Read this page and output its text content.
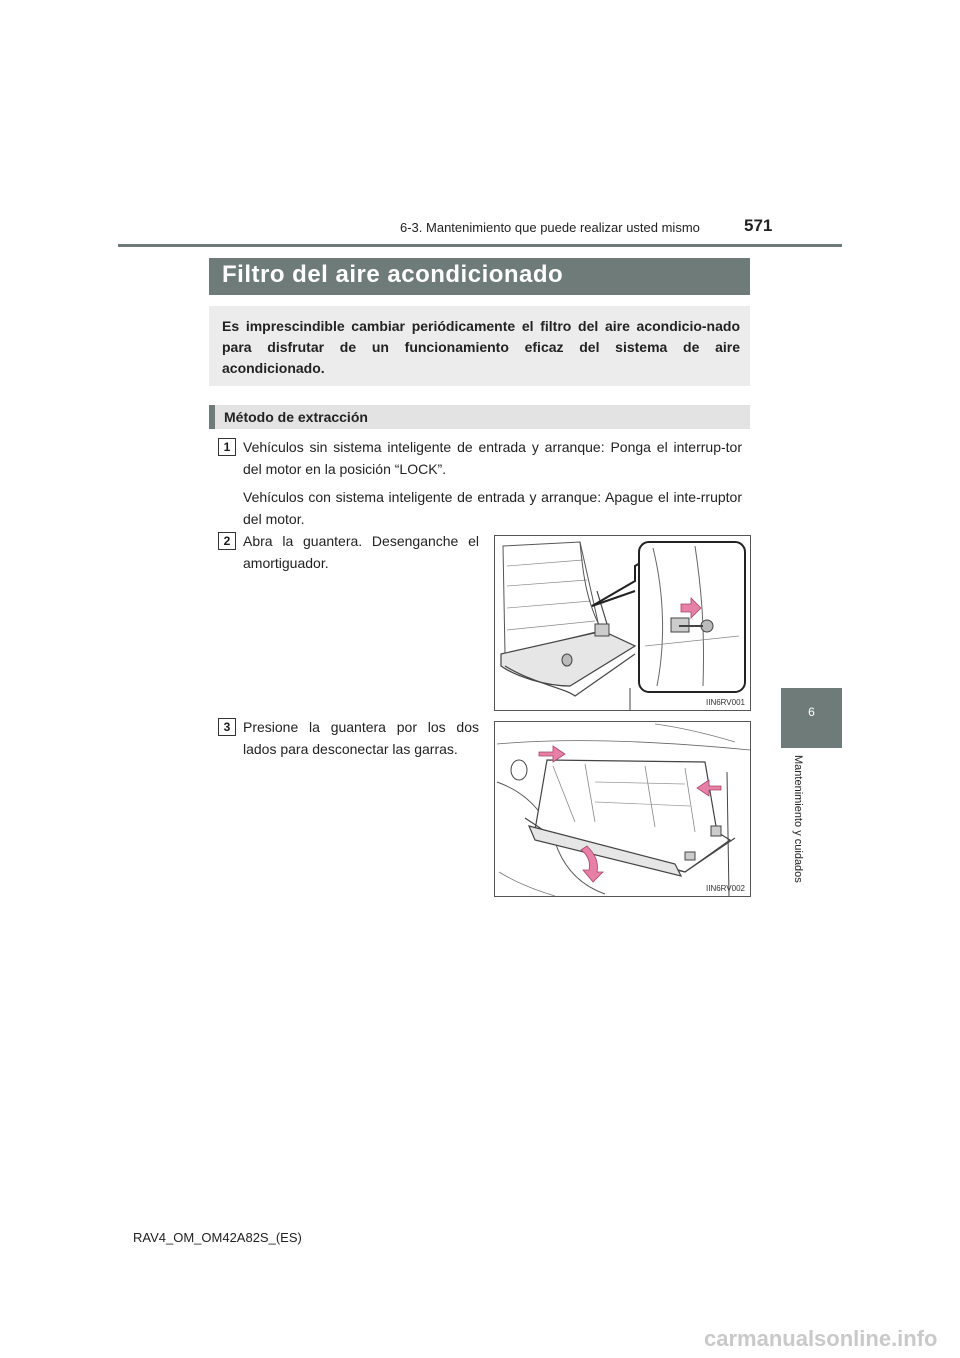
6-3. Mantenimiento que puede realizar usted mismo	571
6
Mantenimiento y cuidados
Filtro del aire acondicionado
Es imprescindible cambiar periódicamente el filtro del aire acondicio-nado para disfrutar de un funcionamiento eficaz del sistema de aire acondicionado.
Método de extracción
1 Vehículos sin sistema inteligente de entrada y arranque: Ponga el interrup-tor del motor en la posición “LOCK”.
Vehículos con sistema inteligente de entrada y arranque: Apague el inte-rruptor del motor.
2 Abra la guantera. Desenganche el amortiguador.
IIN6RV001
3 Presione la guantera por los dos lados para desconectar las garras.
IIN6RV002
RAV4_OM_OM42A82S_(ES)
carmanualsonline.info
